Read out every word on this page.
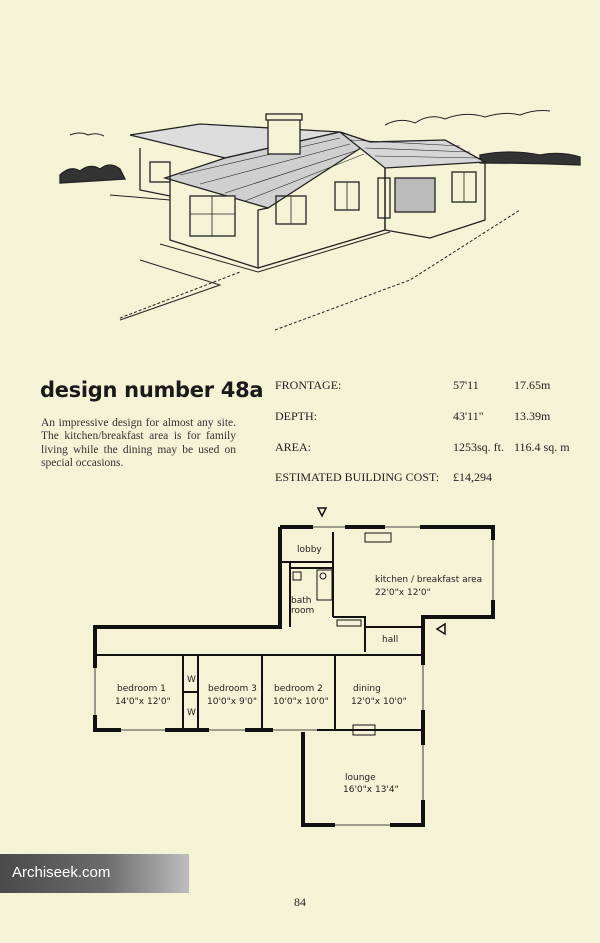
design number 48a
An impressive design for almost any site. The kitchen/breakfast area is for family living while the dining may be used on special occasions.
FRONTAGE:	57'11	17.65m
DEPTH:	43'11"	13.39m
AREA:	1253sq. ft. 116.4 sq. m
ESTIMATED BUILDING COST: £14,294
lobby
kitchen / breakfast area
22'0"x 12'0"
bath
room
hall
bedroom 1
14'0"x 12'0"
W
W
bedroom 3
10'0"x 9'0"
bedroom 2
10'0"x 10'0"
dining
12'0"x 10'0"
lounge
16'0"x 13'4"
Archiseek.com
84
